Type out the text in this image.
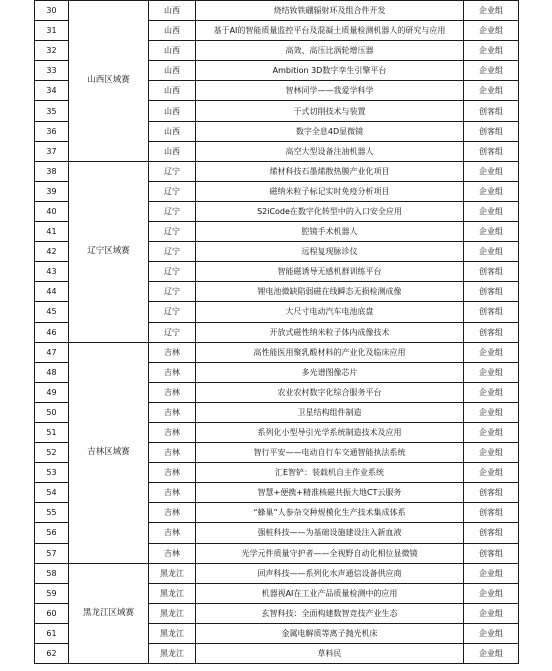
30	山西区域赛	山西	烧结钕铁硼辐射环及组合件开发	企业组
31		山西	基于AI的智能质量监控平台及混凝土质量检测机器人的研究与应用	企业组
32		山西	高效、高压比涡轮增压器	企业组
33		山西	Ambition 3D数字孪生引擎平台	企业组
34		山西	智林同学——我爱学科学	企业组
35		山西	干式切削技术与装置	创客组
36		山西	数字全息4D显微镜	创客组
37		山西	高空大型设备注油机器人	创客组
38	辽宁区域赛	辽宁	烯材科技石墨烯散热膜产业化项目	企业组
39		辽宁	磁纳米粒子标记实时免疫分析项目	企业组
40		辽宁	S2iCode在数字化转型中的入口安全应用	企业组
41		辽宁	腔镜手术机器人	企业组
42		辽宁	远程复现脉诊仪	企业组
43		辽宁	智能磁诱导无感机群训练平台	创客组
44		辽宁	锂电池微缺陷弱磁在线瞬态无损检测成像	创客组
45		辽宁	大尺寸电动汽车电池底盘	创客组
46		辽宁	开放式磁性纳米粒子体内成像技术	创客组
47	吉林区域赛	吉林	高性能医用聚乳酸材料的产业化及临床应用	企业组
48		吉林	多光谱图像芯片	企业组
49		吉林	农业农村数字化综合服务平台	企业组
50		吉林	卫星结构组件制造	企业组
51		吉林	系列化小型导引光学系统制造技术及应用	企业组
52		吉林	智行平安——电动自行车交通智能执法系统	企业组
53		吉林	汇E智铲：装载机自主作业系统	企业组
54		吉林	智慧+便携+精准核磁共振大地CT云服务	创客组
55		吉林	“蜂巢”人参杂交种规模化生产技术集成体系	创客组
56		吉林	强桩科技——为基础设施建设注入新血液	创客组
57		吉林	光学元件质量守护者——全视野自动化相位显微镜	创客组
58	黑龙江区域赛	黑龙江	回声科技——系列化水声通信设备供应商	企业组
59		黑龙江	机器视AI在工业产品质量检测中的应用	企业组
60		黑龙江	玄智科技：全面构建数智竞技产业生态	企业组
61		黑龙江	金属电解质等离子抛光机床	企业组
62		黑龙江	草料民	企业组
